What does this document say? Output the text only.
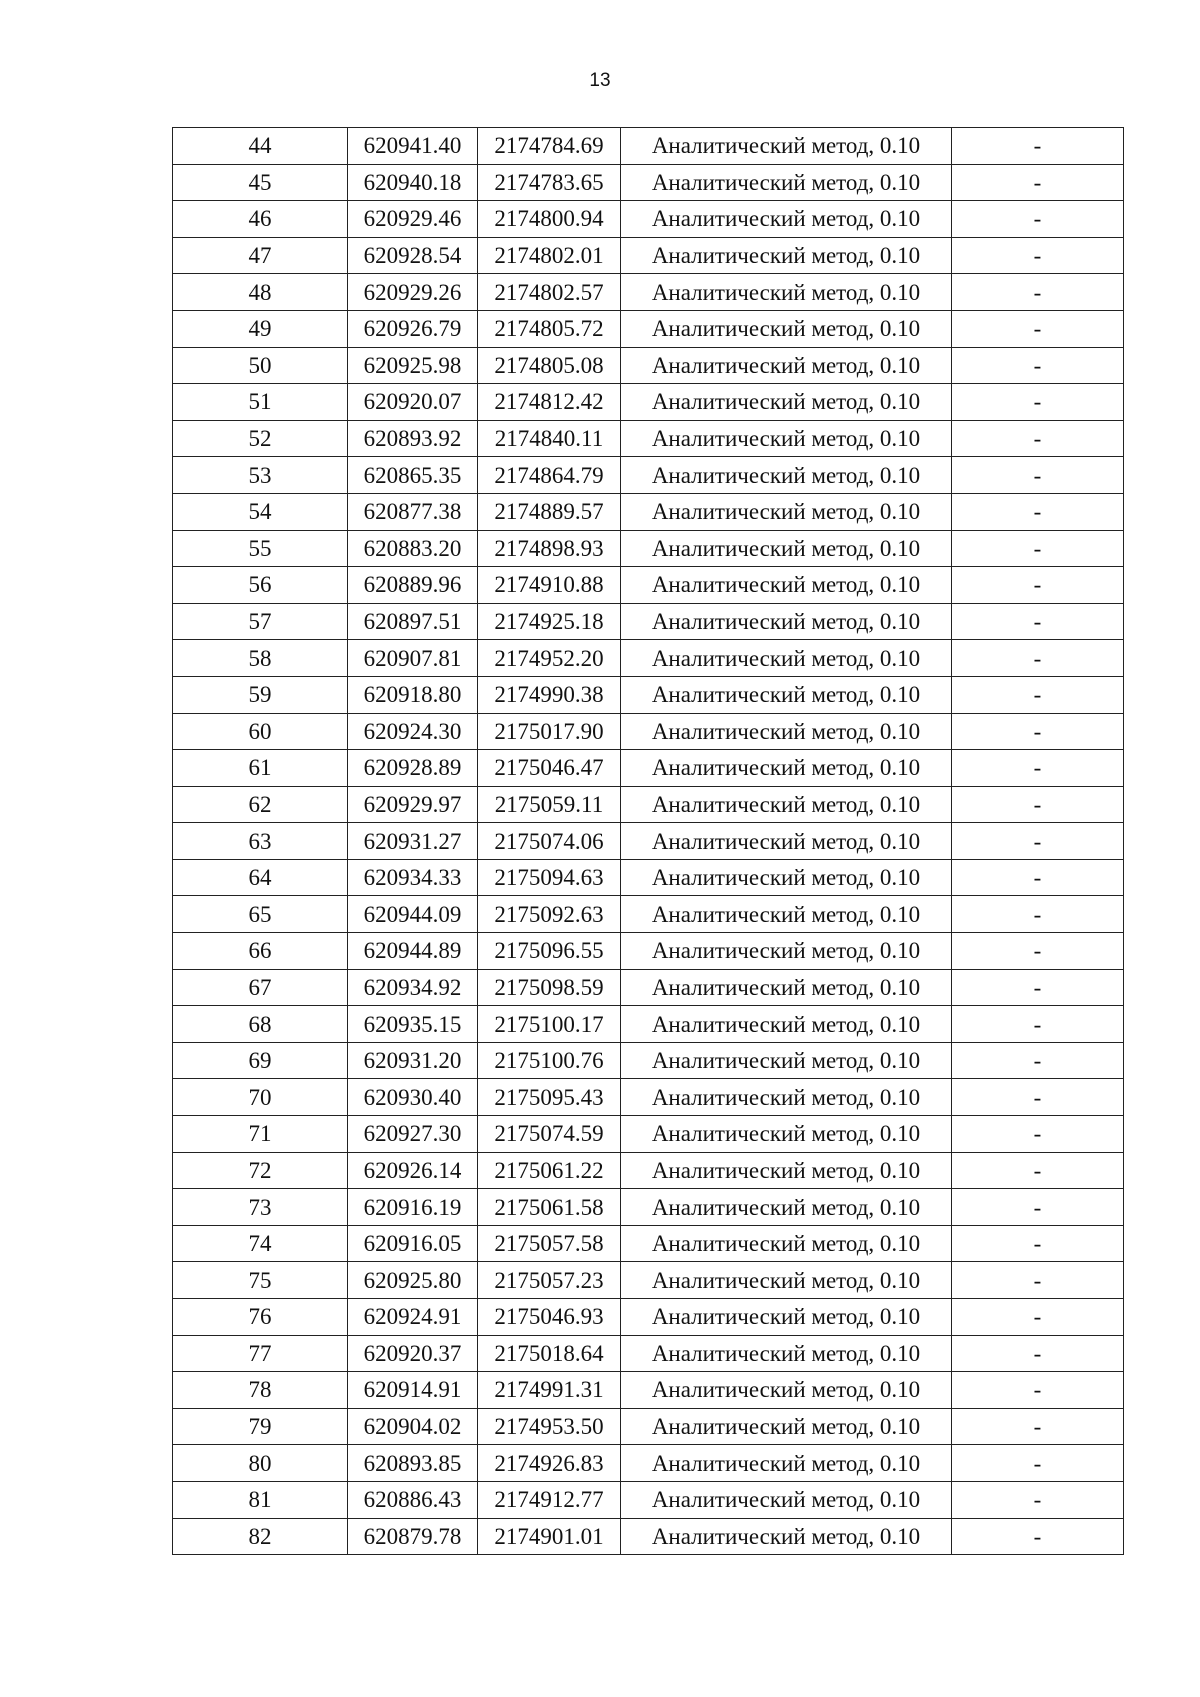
13
44	620941.40	2174784.69	Аналитический метод, 0.10	-
45	620940.18	2174783.65	Аналитический метод, 0.10	-
46	620929.46	2174800.94	Аналитический метод, 0.10	-
47	620928.54	2174802.01	Аналитический метод, 0.10	-
48	620929.26	2174802.57	Аналитический метод, 0.10	-
49	620926.79	2174805.72	Аналитический метод, 0.10	-
50	620925.98	2174805.08	Аналитический метод, 0.10	-
51	620920.07	2174812.42	Аналитический метод, 0.10	-
52	620893.92	2174840.11	Аналитический метод, 0.10	-
53	620865.35	2174864.79	Аналитический метод, 0.10	-
54	620877.38	2174889.57	Аналитический метод, 0.10	-
55	620883.20	2174898.93	Аналитический метод, 0.10	-
56	620889.96	2174910.88	Аналитический метод, 0.10	-
57	620897.51	2174925.18	Аналитический метод, 0.10	-
58	620907.81	2174952.20	Аналитический метод, 0.10	-
59	620918.80	2174990.38	Аналитический метод, 0.10	-
60	620924.30	2175017.90	Аналитический метод, 0.10	-
61	620928.89	2175046.47	Аналитический метод, 0.10	-
62	620929.97	2175059.11	Аналитический метод, 0.10	-
63	620931.27	2175074.06	Аналитический метод, 0.10	-
64	620934.33	2175094.63	Аналитический метод, 0.10	-
65	620944.09	2175092.63	Аналитический метод, 0.10	-
66	620944.89	2175096.55	Аналитический метод, 0.10	-
67	620934.92	2175098.59	Аналитический метод, 0.10	-
68	620935.15	2175100.17	Аналитический метод, 0.10	-
69	620931.20	2175100.76	Аналитический метод, 0.10	-
70	620930.40	2175095.43	Аналитический метод, 0.10	-
71	620927.30	2175074.59	Аналитический метод, 0.10	-
72	620926.14	2175061.22	Аналитический метод, 0.10	-
73	620916.19	2175061.58	Аналитический метод, 0.10	-
74	620916.05	2175057.58	Аналитический метод, 0.10	-
75	620925.80	2175057.23	Аналитический метод, 0.10	-
76	620924.91	2175046.93	Аналитический метод, 0.10	-
77	620920.37	2175018.64	Аналитический метод, 0.10	-
78	620914.91	2174991.31	Аналитический метод, 0.10	-
79	620904.02	2174953.50	Аналитический метод, 0.10	-
80	620893.85	2174926.83	Аналитический метод, 0.10	-
81	620886.43	2174912.77	Аналитический метод, 0.10	-
82	620879.78	2174901.01	Аналитический метод, 0.10	-
